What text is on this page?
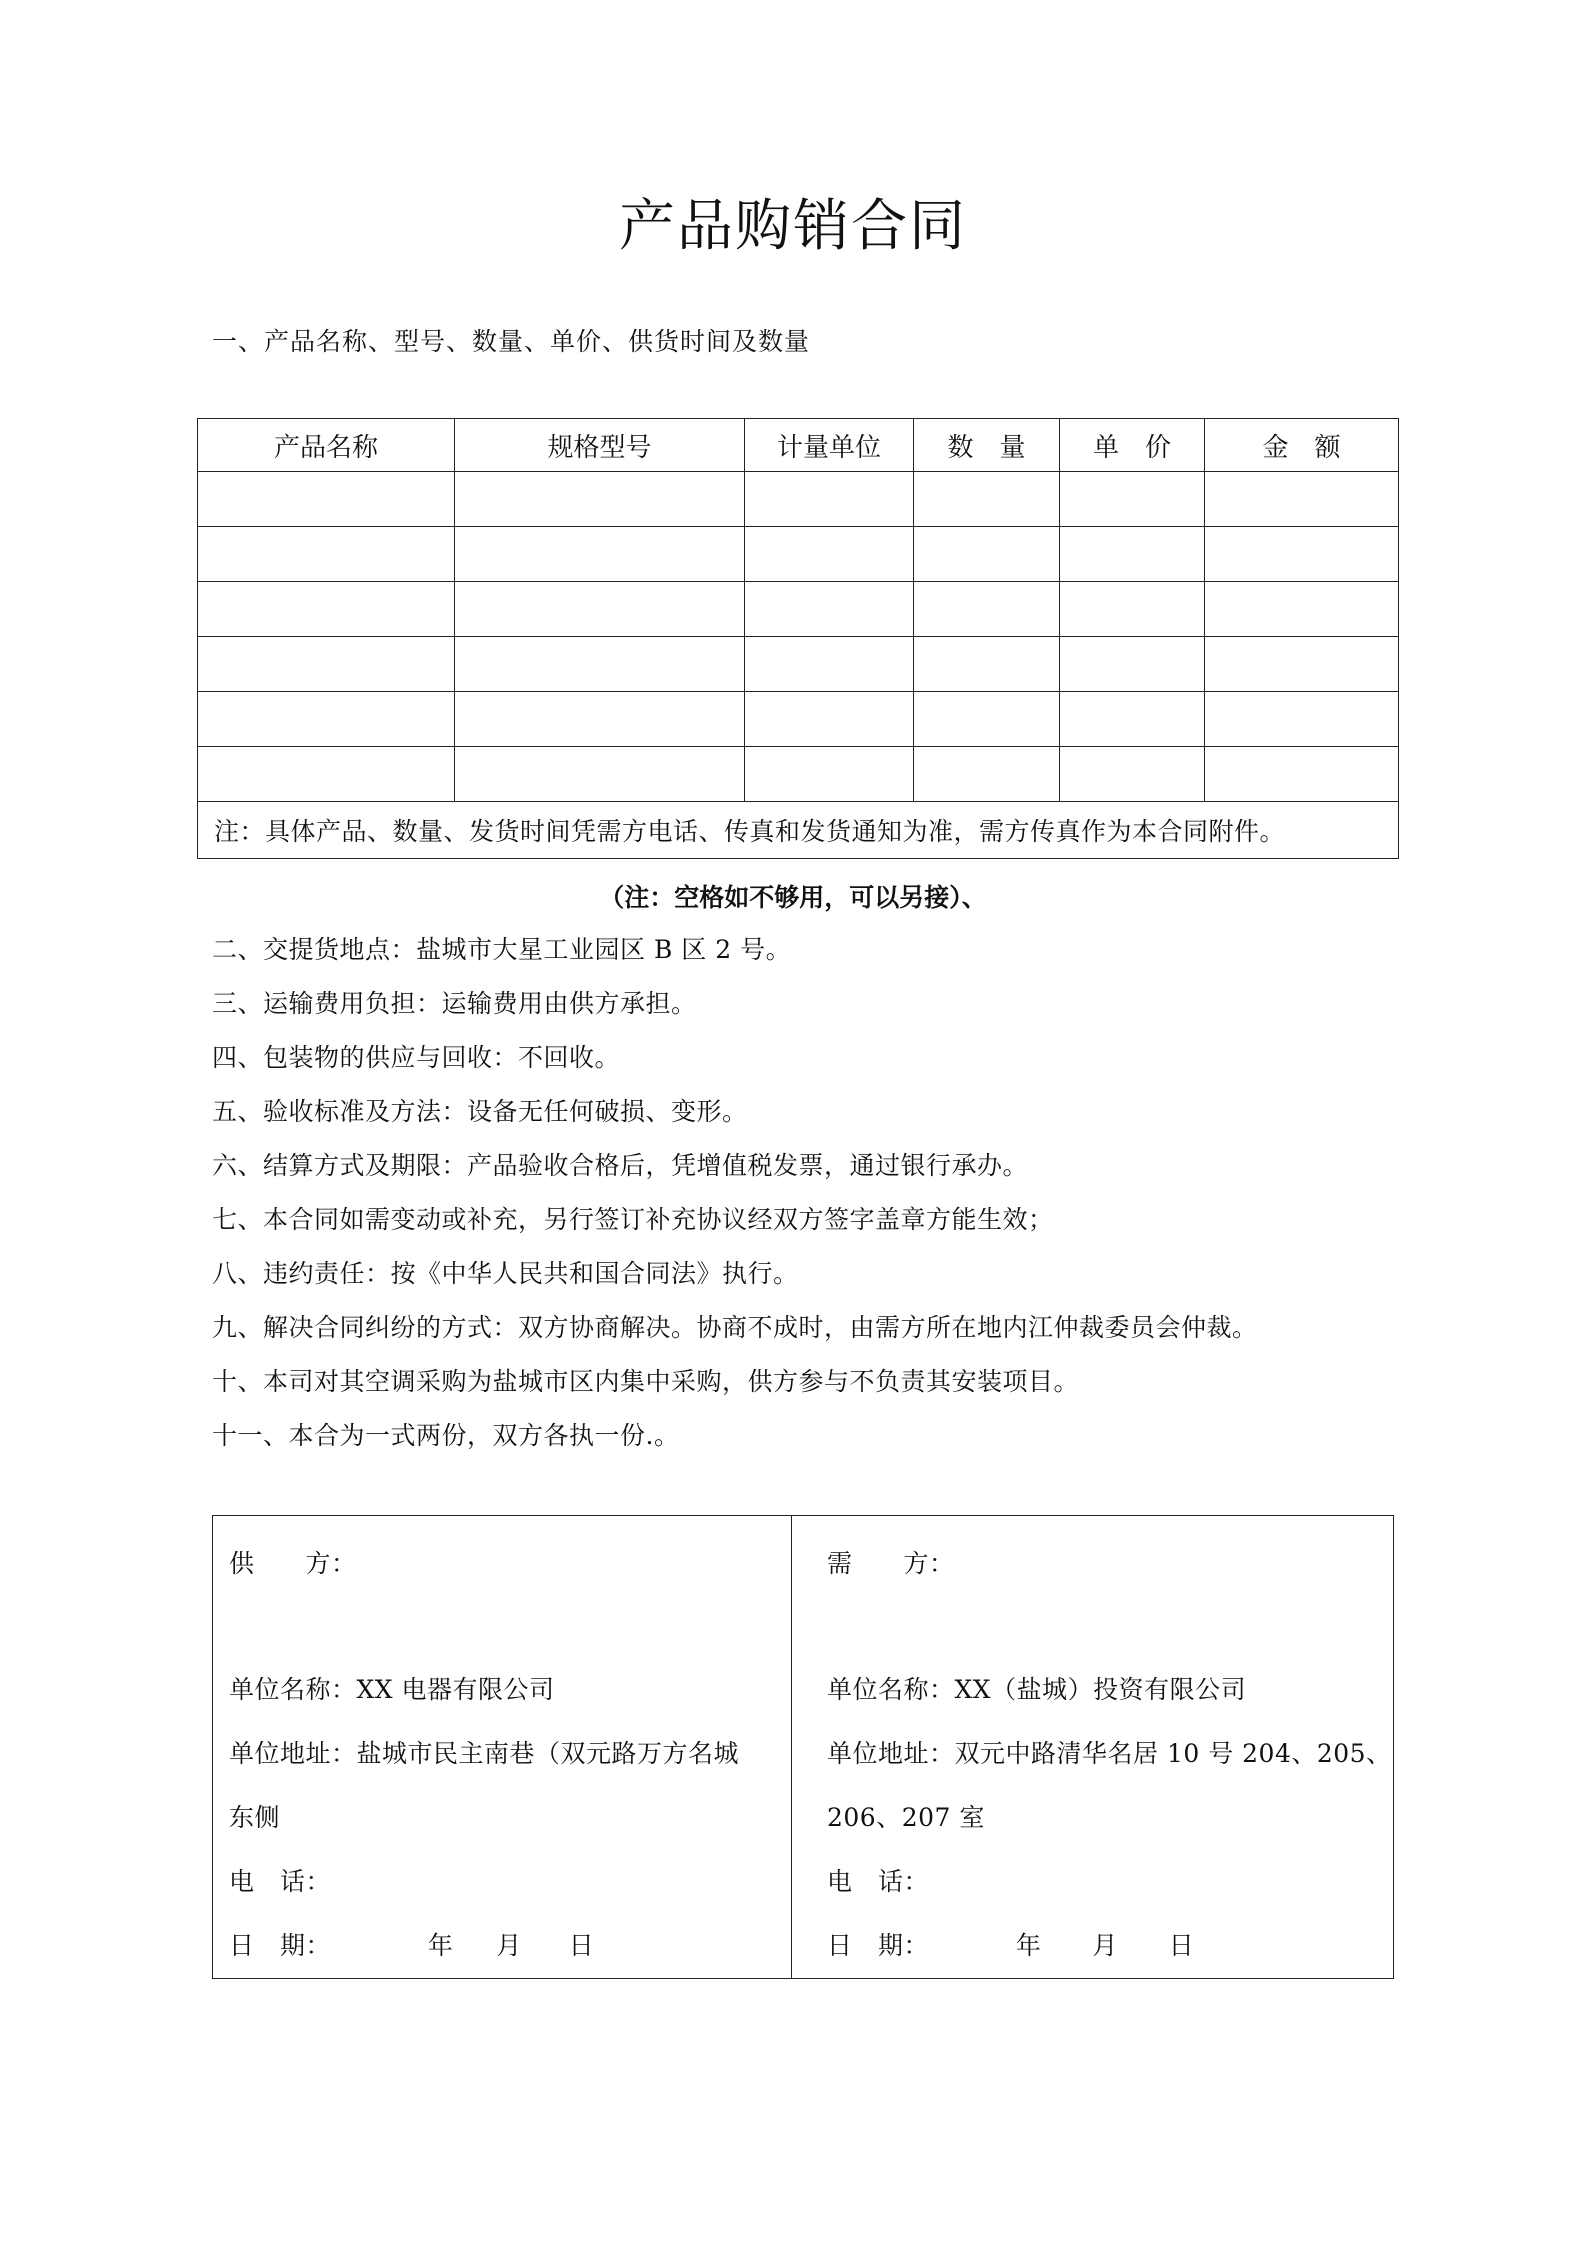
产品购销合同
一、产品名称、型号、数量、单价、供货时间及数量
产品名称	规格型号	计量单位	数　量	单　价	金　额

注：具体产品、数量、发货时间凭需方电话、传真和发货通知为准，需方传真作为本合同附件。					
（注：空格如不够用，可以另接）、
二、交提货地点：盐城市大星工业园区 B 区 2 号。
三、运输费用负担：运输费用由供方承担。
四、包装物的供应与回收：不回收。
五、验收标准及方法：设备无任何破损、变形。
六、结算方式及期限：产品验收合格后，凭增值税发票，通过银行承办。
七、本合同如需变动或补充，另行签订补充协议经双方签字盖章方能生效；
八、违约责任：按《中华人民共和国合同法》执行。
九、解决合同纠纷的方式：双方协商解决。协商不成时，由需方所在地内江仲裁委员会仲裁。
十、本司对其空调采购为盐城市区内集中采购，供方参与不负责其安装项目。
十一、本合为一式两份，双方各执一份.。
供　　方：
单位名称：XX 电器有限公司
单位地址：盐城市民主南巷（双元路万方名城
东侧
电　话：
日　期：	年 月 日
需　　方：
单位名称：XX（盐城）投资有限公司
单位地址：双元中路清华名居 10 号 204、205、
206、207 室
电　话：
日　期：	年 月 日
